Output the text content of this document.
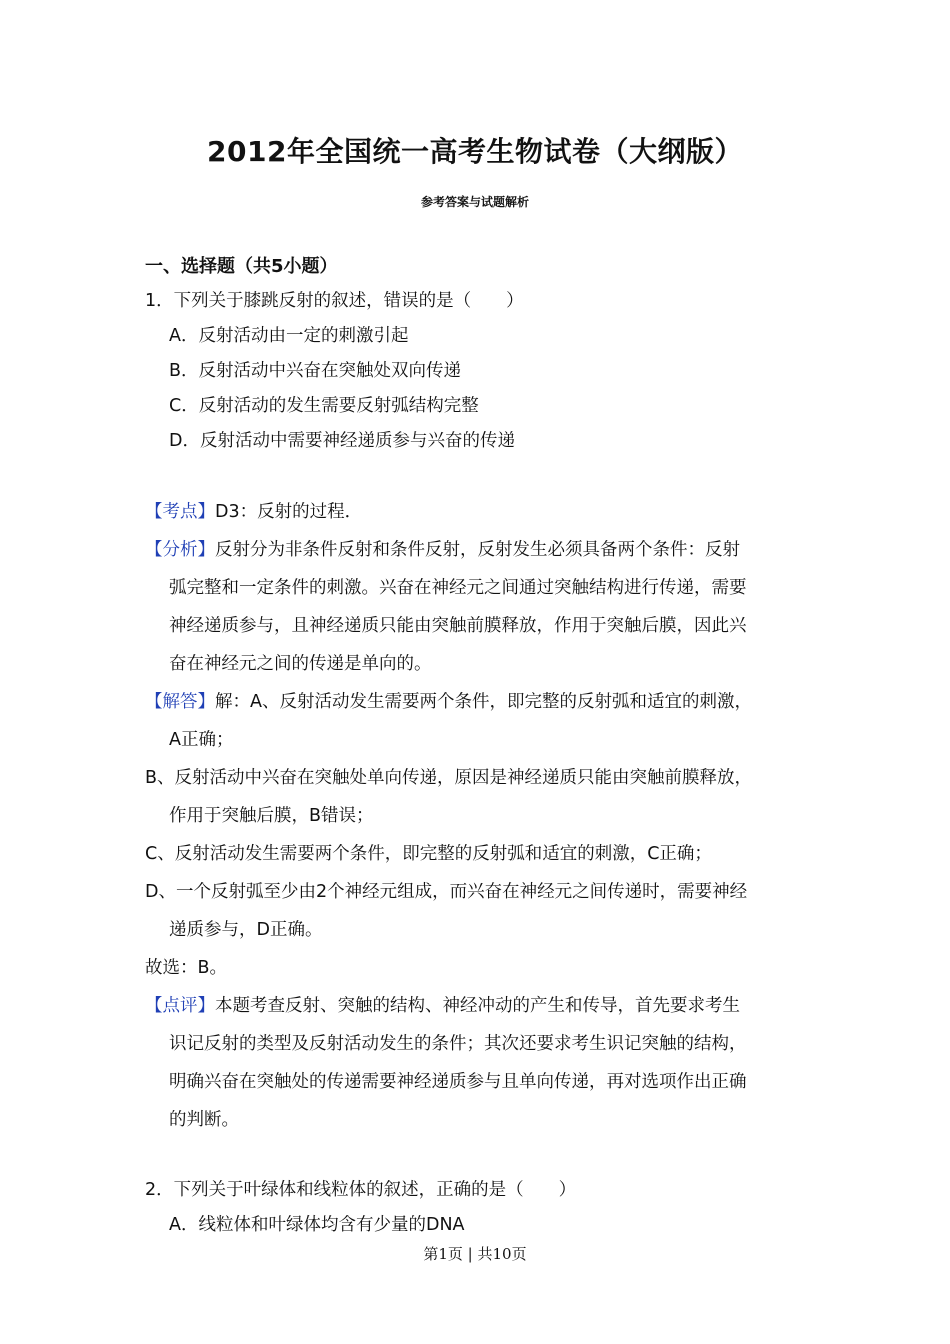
2012年全国统一高考生物试卷（大纲版）
参考答案与试题解析
一、选择题（共5小题）
1．下列关于膝跳反射的叙述，错误的是（　　）
A．反射活动由一定的刺激引起
B．反射活动中兴奋在突触处双向传递
C．反射活动的发生需要反射弧结构完整
D．反射活动中需要神经递质参与兴奋的传递
【考点】D3：反射的过程．
【分析】反射分为非条件反射和条件反射，反射发生必须具备两个条件：反射
弧完整和一定条件的刺激。兴奋在神经元之间通过突触结构进行传递，需要
神经递质参与，且神经递质只能由突触前膜释放，作用于突触后膜，因此兴
奋在神经元之间的传递是单向的。
【解答】解：A、反射活动发生需要两个条件，即完整的反射弧和适宜的刺激，
A正确；
B、反射活动中兴奋在突触处单向传递，原因是神经递质只能由突触前膜释放，
作用于突触后膜，B错误；
C、反射活动发生需要两个条件，即完整的反射弧和适宜的刺激，C正确；
D、一个反射弧至少由2个神经元组成，而兴奋在神经元之间传递时，需要神经
递质参与，D正确。
故选：B。
【点评】本题考查反射、突触的结构、神经冲动的产生和传导，首先要求考生
识记反射的类型及反射活动发生的条件；其次还要求考生识记突触的结构，
明确兴奋在突触处的传递需要神经递质参与且单向传递，再对选项作出正确
的判断。
2．下列关于叶绿体和线粒体的叙述，正确的是（　　）
A．线粒体和叶绿体均含有少量的DNA
第1页 | 共10页
